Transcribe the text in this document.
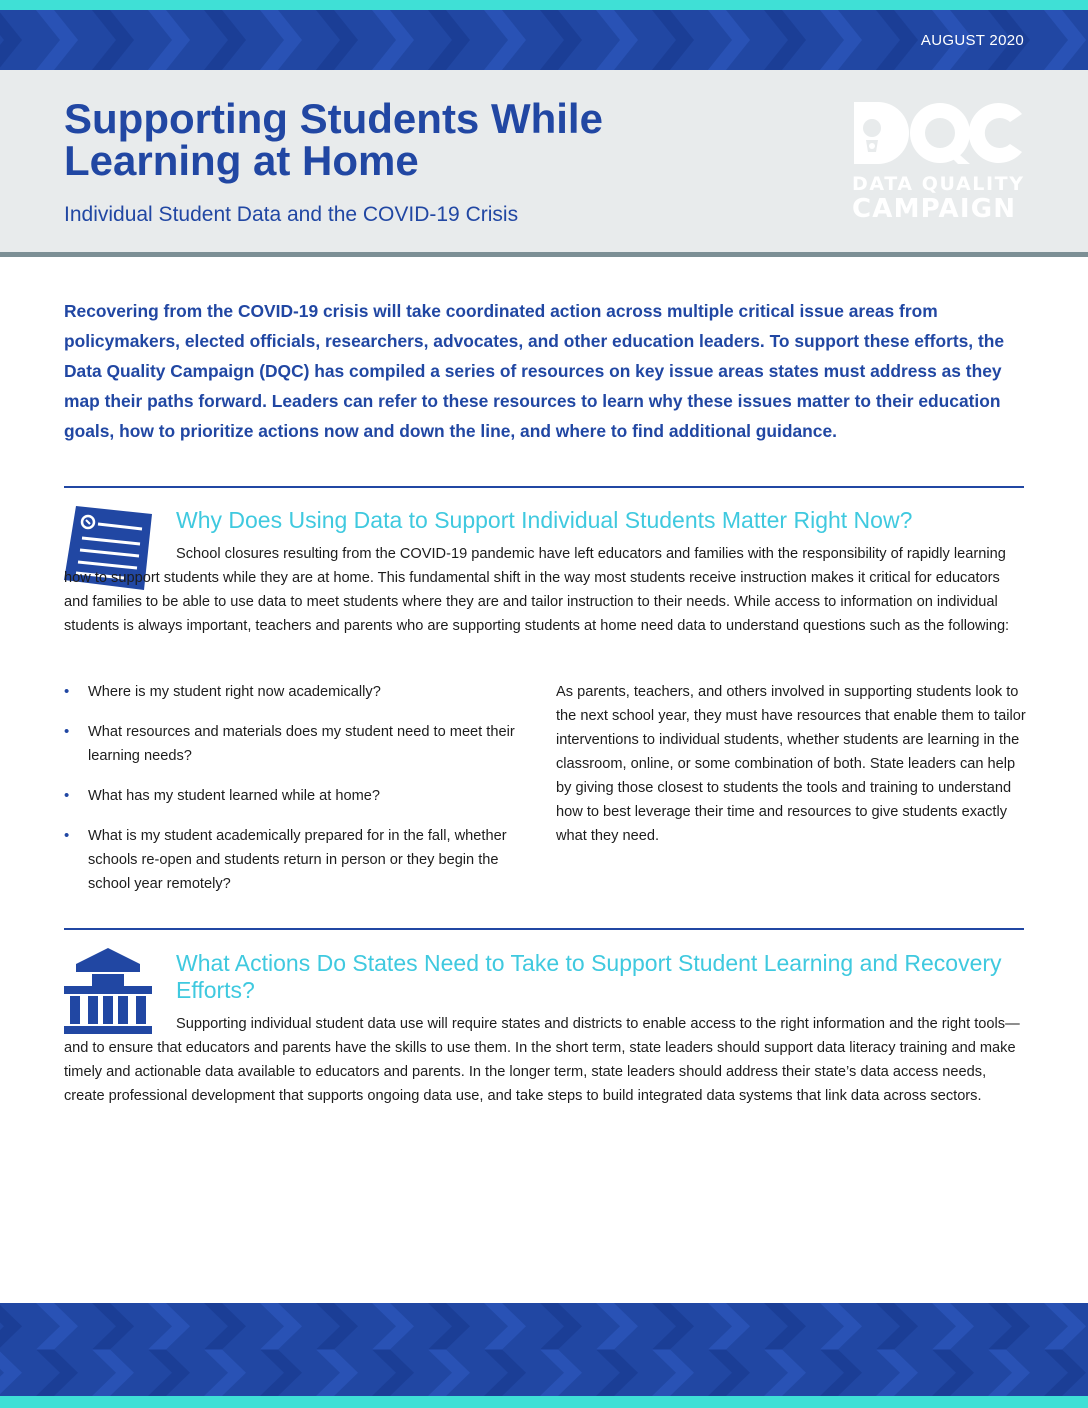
AUGUST 2020
Supporting Students While
Learning at Home
Individual Student Data and the COVID-19 Crisis
DATA QUALITY
CAMPAIGN

Recovering from the COVID-19 crisis will take coordinated action across multiple critical issue areas from policymakers, elected officials, researchers, advocates, and other education leaders. To support these efforts, the Data Quality Campaign (DQC) has compiled a series of resources on key issue areas states must address as they map their paths forward. Leaders can refer to these resources to learn why these issues matter to their education goals, how to prioritize actions now and down the line, and where to find additional guidance.

Why Does Using Data to Support Individual Students Matter Right Now?

School closures resulting from the COVID-19 pandemic have left educators and families with the responsibility of rapidly learning how to support students while they are at home. This fundamental shift in the way most students receive instruction makes it critical for educators and families to be able to use data to meet students where they are and tailor instruction to their needs. While access to information on individual students is always important, teachers and parents who are supporting students at home need data to understand questions such as the following:

• Where is my student right now academically?
• What resources and materials does my student need to meet their learning needs?
• What has my student learned while at home?
• What is my student academically prepared for in the fall, whether schools re-open and students return in person or they begin the school year remotely?

As parents, teachers, and others involved in supporting students look to the next school year, they must have resources that enable them to tailor interventions to individual students, whether students are learning in the classroom, online, or some combination of both. State leaders can help by giving those closest to students the tools and training to understand how to best leverage their time and resources to give students exactly what they need.

What Actions Do States Need to Take to Support Student Learning and Recovery Efforts?

Supporting individual student data use will require states and districts to enable access to the right information and the right tools—and to ensure that educators and parents have the skills to use them. In the short term, state leaders should support data literacy training and make timely and actionable data available to educators and parents. In the longer term, state leaders should address their state’s data access needs, create professional development that supports ongoing data use, and take steps to build integrated data systems that link data across sectors.
